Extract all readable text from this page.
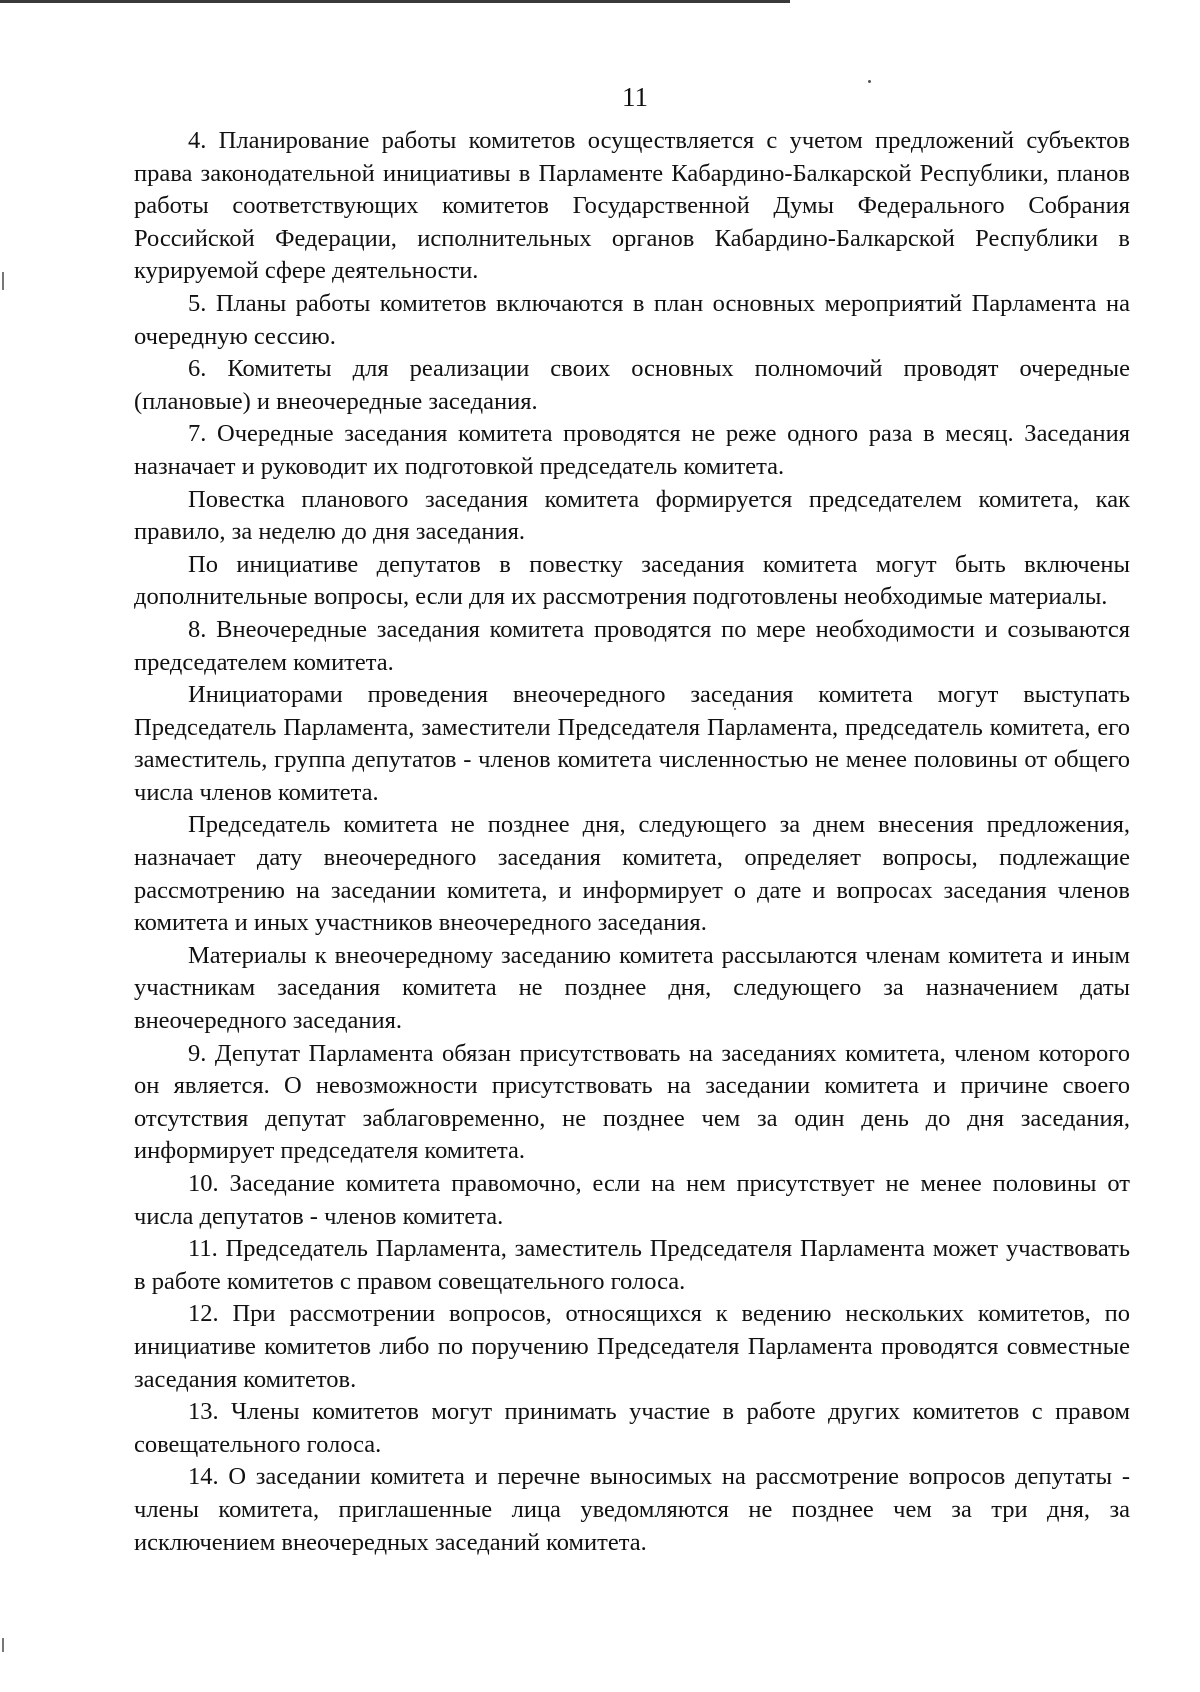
11

4. Планирование работы комитетов осуществляется с учетом предложений субъектов права законодательной инициативы в Парламенте Кабардино-Балкарской Республики, планов работы соответствующих комитетов Государственной Думы Федерального Собрания Российской Федерации, исполнительных органов Кабардино-Балкарской Республики в курируемой сфере деятельности.

5. Планы работы комитетов включаются в план основных мероприятий Парламента на очередную сессию.

6. Комитеты для реализации своих основных полномочий проводят очередные (плановые) и внеочередные заседания.

7. Очередные заседания комитета проводятся не реже одного раза в месяц. Заседания назначает и руководит их подготовкой председатель комитета.

Повестка планового заседания комитета формируется председателем комитета, как правило, за неделю до дня заседания.

По инициативе депутатов в повестку заседания комитета могут быть включены дополнительные вопросы, если для их рассмотрения подготовлены необходимые материалы.

8. Внеочередные заседания комитета проводятся по мере необходимости и созываются председателем комитета.

Инициаторами проведения внеочередного заседания комитета могут выступать Председатель Парламента, заместители Председателя Парламента, председатель комитета, его заместитель, группа депутатов - членов комитета численностью не менее половины от общего числа членов комитета.

Председатель комитета не позднее дня, следующего за днем внесения предложения, назначает дату внеочередного заседания комитета, определяет вопросы, подлежащие рассмотрению на заседании комитета, и информирует о дате и вопросах заседания членов комитета и иных участников внеочередного заседания.

Материалы к внеочередному заседанию комитета рассылаются членам комитета и иным участникам заседания комитета не позднее дня, следующего за назначением даты внеочередного заседания.

9. Депутат Парламента обязан присутствовать на заседаниях комитета, членом которого он является. О невозможности присутствовать на заседании комитета и причине своего отсутствия депутат заблаговременно, не позднее чем за один день до дня заседания, информирует председателя комитета.

10. Заседание комитета правомочно, если на нем присутствует не менее половины от числа депутатов - членов комитета.

11. Председатель Парламента, заместитель Председателя Парламента может участвовать в работе комитетов с правом совещательного голоса.

12. При рассмотрении вопросов, относящихся к ведению нескольких комитетов, по инициативе комитетов либо по поручению Председателя Парламента проводятся совместные заседания комитетов.

13. Члены комитетов могут принимать участие в работе других комитетов с правом совещательного голоса.

14. О заседании комитета и перечне выносимых на рассмотрение вопросов депутаты - члены комитета, приглашенные лица уведомляются не позднее чем за три дня, за исключением внеочередных заседаний комитета.
